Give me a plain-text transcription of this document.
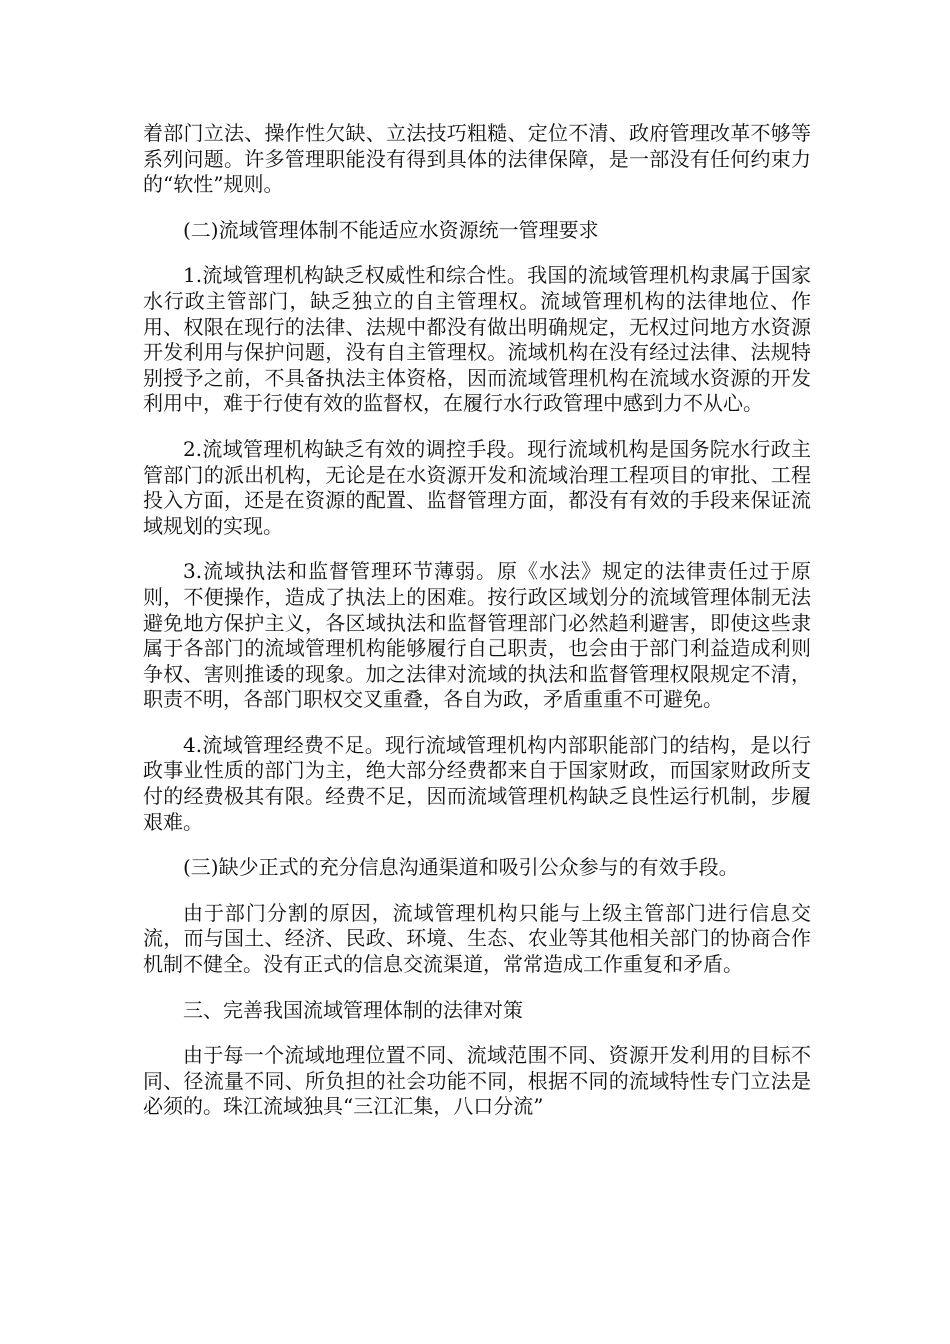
着部门立法、操作性欠缺、立法技巧粗糙、定位不清、政府管理改革不够等系列问题。许多管理职能没有得到具体的法律保障，是一部没有任何约束力的“软性”规则。

(二)流域管理体制不能适应水资源统一管理要求

1.流域管理机构缺乏权威性和综合性。我国的流域管理机构隶属于国家水行政主管部门，缺乏独立的自主管理权。流域管理机构的法律地位、作用、权限在现行的法律、法规中都没有做出明确规定，无权过问地方水资源开发利用与保护问题，没有自主管理权。流域机构在没有经过法律、法规特别授予之前，不具备执法主体资格，因而流域管理机构在流域水资源的开发利用中，难于行使有效的监督权，在履行水行政管理中感到力不从心。

2.流域管理机构缺乏有效的调控手段。现行流域机构是国务院水行政主管部门的派出机构，无论是在水资源开发和流域治理工程项目的审批、工程投入方面，还是在资源的配置、监督管理方面，都没有有效的手段来保证流域规划的实现。

3.流域执法和监督管理环节薄弱。原《水法》规定的法律责任过于原则，不便操作，造成了执法上的困难。按行政区域划分的流域管理体制无法避免地方保护主义，各区域执法和监督管理部门必然趋利避害，即使这些隶属于各部门的流域管理机构能够履行自己职责，也会由于部门利益造成利则争权、害则推诿的现象。加之法律对流域的执法和监督管理权限规定不清，职责不明，各部门职权交叉重叠，各自为政，矛盾重重不可避免。

4.流域管理经费不足。现行流域管理机构内部职能部门的结构，是以行政事业性质的部门为主，绝大部分经费都来自于国家财政，而国家财政所支付的经费极其有限。经费不足，因而流域管理机构缺乏良性运行机制，步履艰难。

(三)缺少正式的充分信息沟通渠道和吸引公众参与的有效手段。

由于部门分割的原因，流域管理机构只能与上级主管部门进行信息交流，而与国土、经济、民政、环境、生态、农业等其他相关部门的协商合作机制不健全。没有正式的信息交流渠道，常常造成工作重复和矛盾。

三、完善我国流域管理体制的法律对策

由于每一个流域地理位置不同、流域范围不同、资源开发利用的目标不同、径流量不同、所负担的社会功能不同，根据不同的流域特性专门立法是必须的。珠江流域独具“三江汇集，八口分流”
